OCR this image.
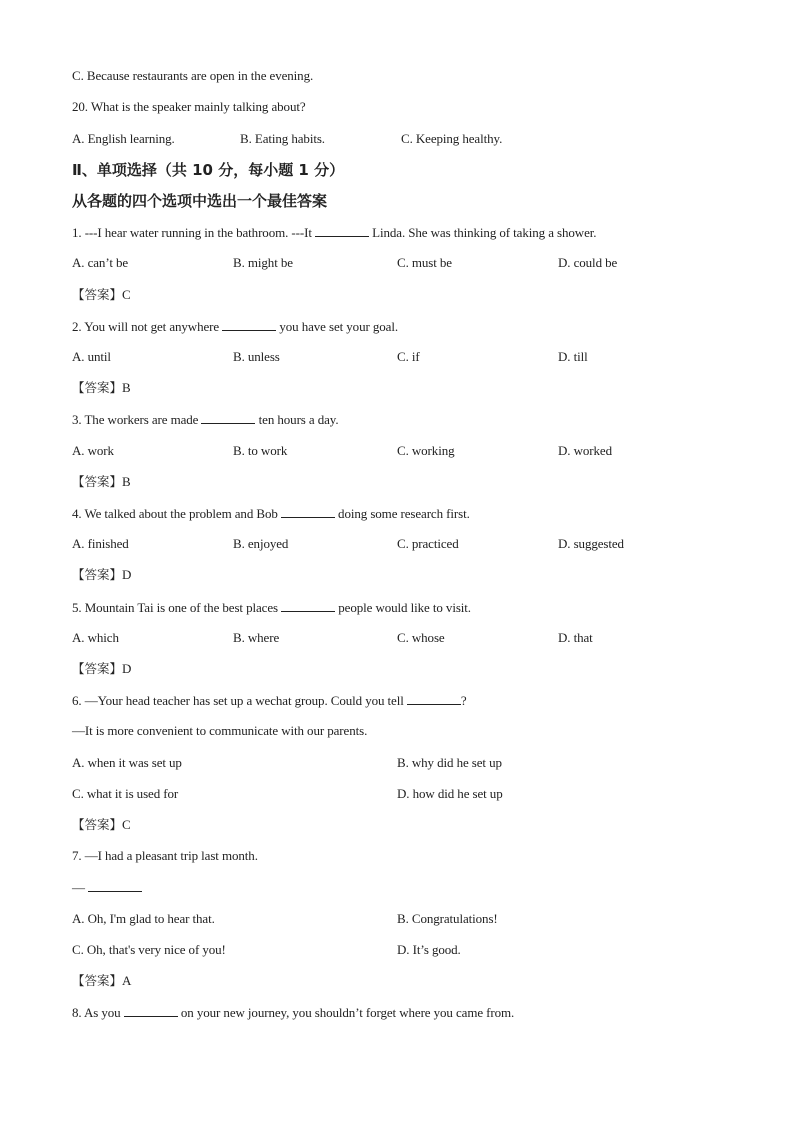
C. Because restaurants are open in the evening.
20. What is the speaker mainly talking about?
A. English learning.	B. Eating habits.	C. Keeping healthy.
Ⅱ、单项选择（共 10 分，每小题 1 分）
从各题的四个选项中选出一个最佳答案
1. ---I hear water running in the bathroom. ---It	Linda. She was thinking of taking a shower.
A. can’t be	B. might be	C. must be	D. could be
【答案】C
2. You will not get anywhere	you have set your goal.
A. until	B. unless	C. if	D. till
【答案】B
3. The workers are made	ten hours a day.
A. work	B. to work	C. working	D. worked
【答案】B
4. We talked about the problem and Bob	doing some research first.
A. finished	B. enjoyed	C. practiced	D. suggested
【答案】D
5. Mountain Tai is one of the best places	people would like to visit.
A. which	B. where	C. whose	D. that
【答案】D
6. —Your head teacher has set up a wechat group. Could you tell	?
—It is more convenient to communicate with our parents.
A. when it was set up	B. why did he set up
C. what it is used for	D. how did he set up
【答案】C
7. —I had a pleasant trip last month.
—
A. Oh, I'm glad to hear that.	B. Congratulations!
C. Oh, that's very nice of you!	D. It’s good.
【答案】A
8. As you	on your new journey, you shouldn’t forget where you came from.
